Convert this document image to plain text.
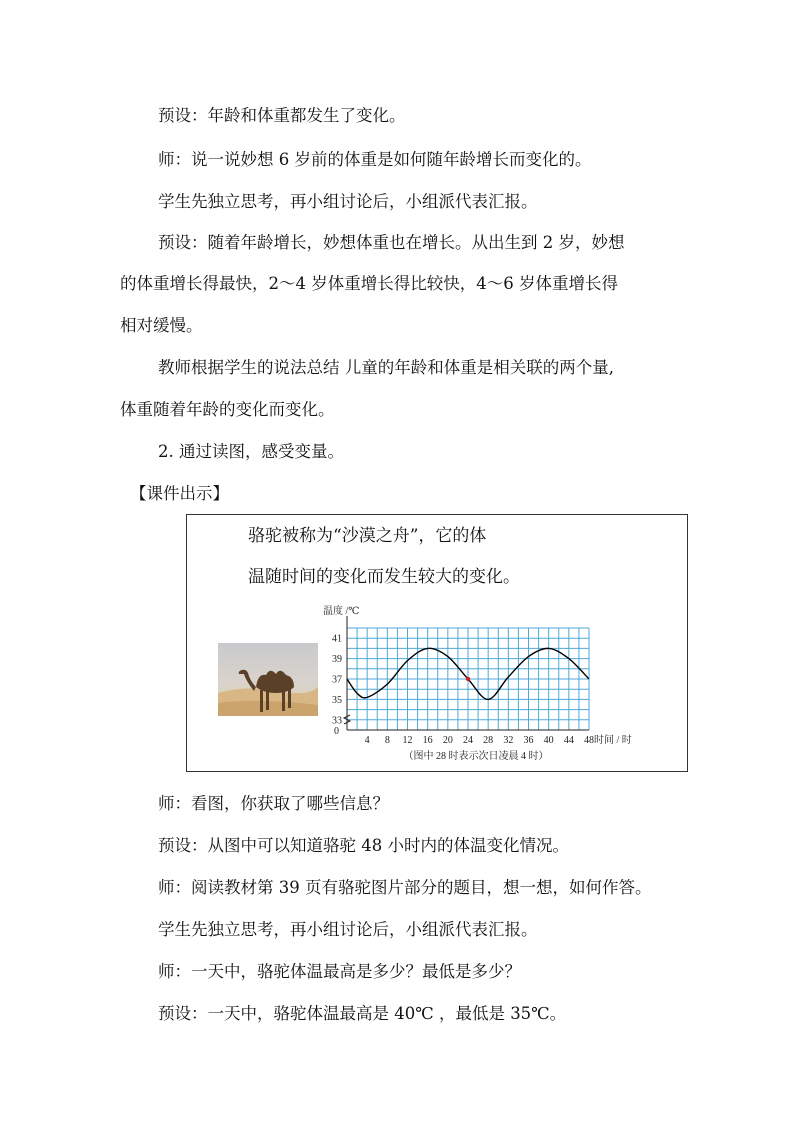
预设：年龄和体重都发生了变化。
师：说一说妙想 6 岁前的体重是如何随年龄增长而变化的。
学生先独立思考，再小组讨论后，小组派代表汇报。
预设：随着年龄增长，妙想体重也在增长。从出生到 2 岁，妙想
的体重增长得最快，2～4 岁体重增长得比较快，4～6 岁体重增长得
相对缓慢。
教师根据学生的说法总结 儿童的年龄和体重是相关联的两个量,
体重随着年龄的变化而变化。
2. 通过读图，感受变量。
【课件出示】
骆驼被称为“沙漠之舟”，它的体
温随时间的变化而发生较大的变化。
温度 /℃
33
35
37
39
41
0
4 8 12 16 20 24 28 32 36 40 44 48 时间 / 时
（图中 28 时表示次日凌晨 4 时）
师：看图，你获取了哪些信息？
预设：从图中可以知道骆驼 48 小时内的体温变化情况。
师：阅读教材第 39 页有骆驼图片部分的题目，想一想，如何作答。
学生先独立思考，再小组讨论后，小组派代表汇报。
师：一天中，骆驼体温最高是多少？最低是多少？
预设：一天中，骆驼体温最高是 40℃ ，最低是 35℃。
